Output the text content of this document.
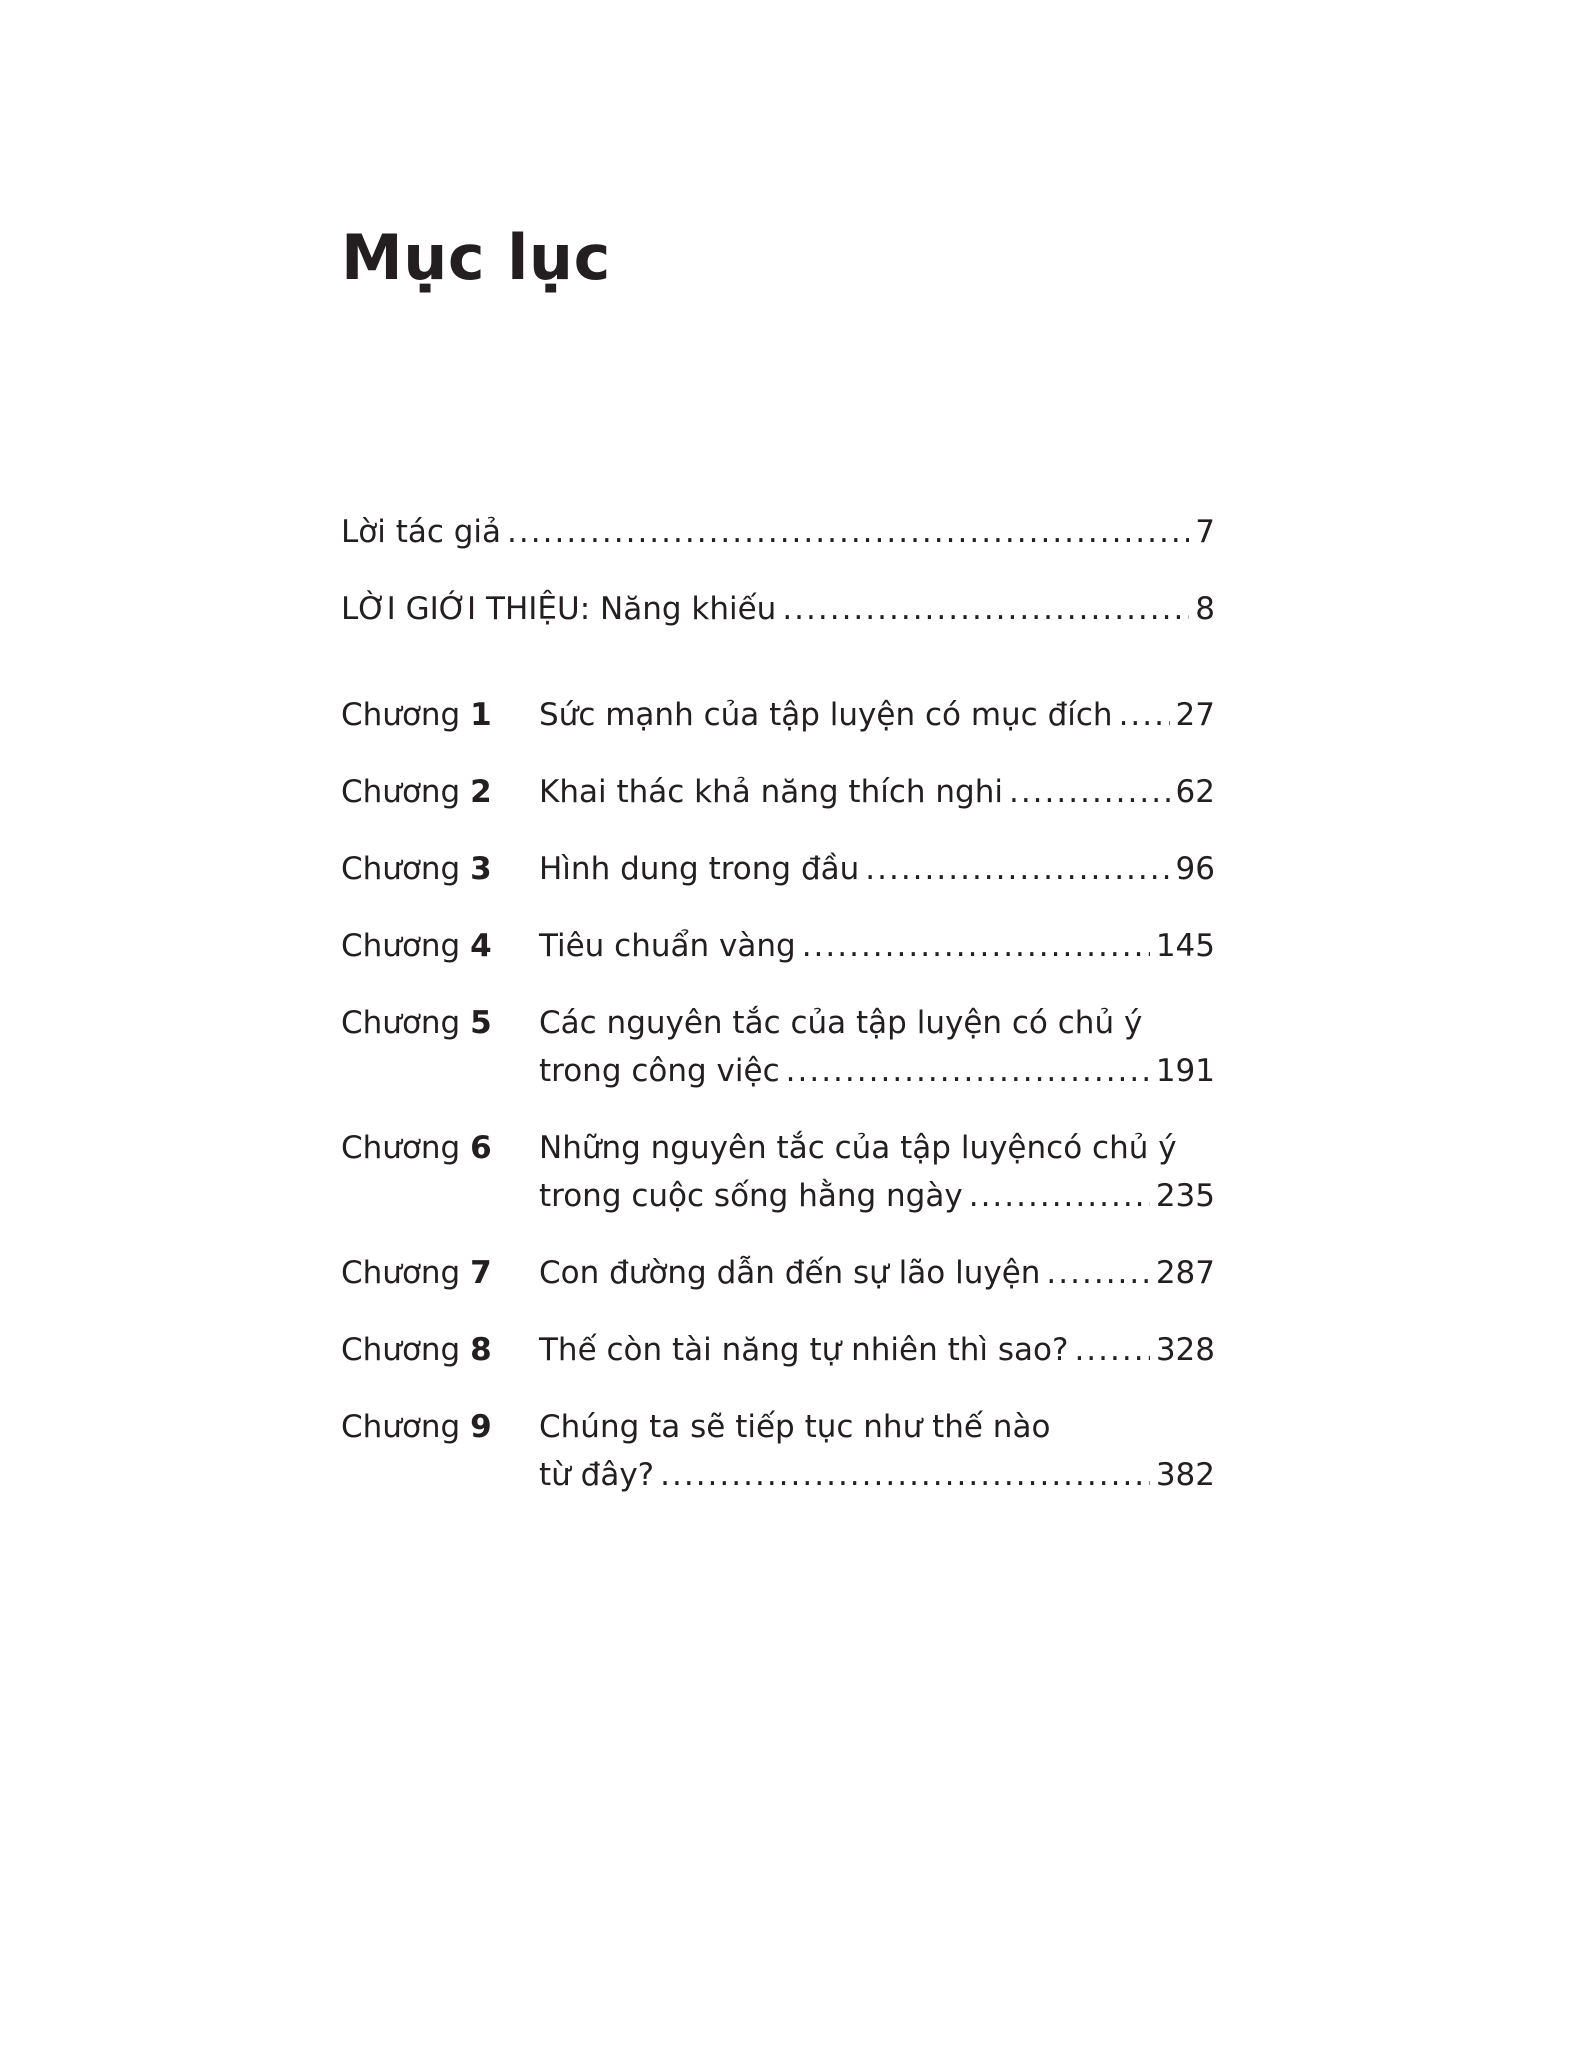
Mục lục
Lời tác giả .....	7
LỜI GIỚI THIỆU: Năng khiếu .....	8
Chương 1 Sức mạnh của tập luyện có mục đích ..... 27
Chương 2 Khai thác khả năng thích nghi .....	62
Chương 3 Hình dung trong đầu .....	96
Chương 4 Tiêu chuẩn vàng .....	145
Chương 5 Các nguyên tắc của tập luyện có chủ ý
trong công việc .....	191
Chương 6 Những nguyên tắc của tập luyệncó chủ ý
trong cuộc sống hằng ngày .....	235
Chương 7 Con đường dẫn đến sự lão luyện .....	287
Chương 8 Thế còn tài năng tự nhiên thì sao? .....	328
Chương 9 Chúng ta sẽ tiếp tục như thế nào
từ đây? .....	382
